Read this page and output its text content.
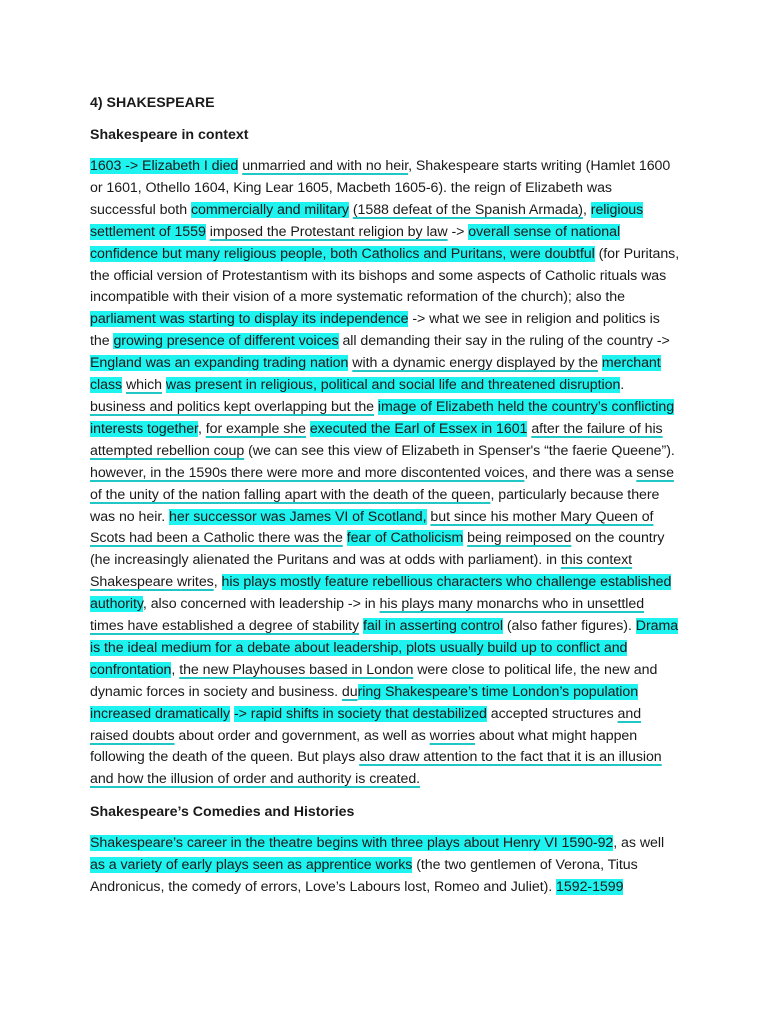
4) SHAKESPEARE

Shakespeare in context

1603 -> Elizabeth I died unmarried and with no heir, Shakespeare starts writing (Hamlet 1600 or 1601, Othello 1604, King Lear 1605, Macbeth 1605-6). the reign of Elizabeth was successful both commercially and military (1588 defeat of the Spanish Armada), religious settlement of 1559 imposed the Protestant religion by law -> overall sense of national confidence but many religious people, both Catholics and Puritans, were doubtful (for Puritans, the official version of Protestantism with its bishops and some aspects of Catholic rituals was incompatible with their vision of a more systematic reformation of the church); also the parliament was starting to display its independence -> what we see in religion and politics is the growing presence of different voices all demanding their say in the ruling of the country -> England was an expanding trading nation with a dynamic energy displayed by the merchant class which was present in religious, political and social life and threatened disruption. business and politics kept overlapping but the image of Elizabeth held the country’s conflicting interests together, for example she executed the Earl of Essex in 1601 after the failure of his attempted rebellion coup (we can see this view of Elizabeth in Spenser's “the faerie Queene”). however, in the 1590s there were more and more discontented voices, and there was a sense of the unity of the nation falling apart with the death of the queen, particularly because there was no heir. her successor was James VI of Scotland, but since his mother Mary Queen of Scots had been a Catholic there was the fear of Catholicism being reimposed on the country (he increasingly alienated the Puritans and was at odds with parliament). in this context Shakespeare writes, his plays mostly feature rebellious characters who challenge established authority, also concerned with leadership -> in his plays many monarchs who in unsettled times have established a degree of stability fail in asserting control (also father figures). Drama is the ideal medium for a debate about leadership, plots usually build up to conflict and confrontation, the new Playhouses based in London were close to political life, the new and dynamic forces in society and business. during Shakespeare’s time London’s population increased dramatically -> rapid shifts in society that destabilized accepted structures and raised doubts about order and government, as well as worries about what might happen following the death of the queen. But plays also draw attention to the fact that it is an illusion and how the illusion of order and authority is created.

Shakespeare’s Comedies and Histories

Shakespeare’s career in the theatre begins with three plays about Henry VI 1590-92, as well as a variety of early plays seen as apprentice works (the two gentlemen of Verona, Titus Andronicus, the comedy of errors, Love’s Labours lost, Romeo and Juliet). 1592-1599
